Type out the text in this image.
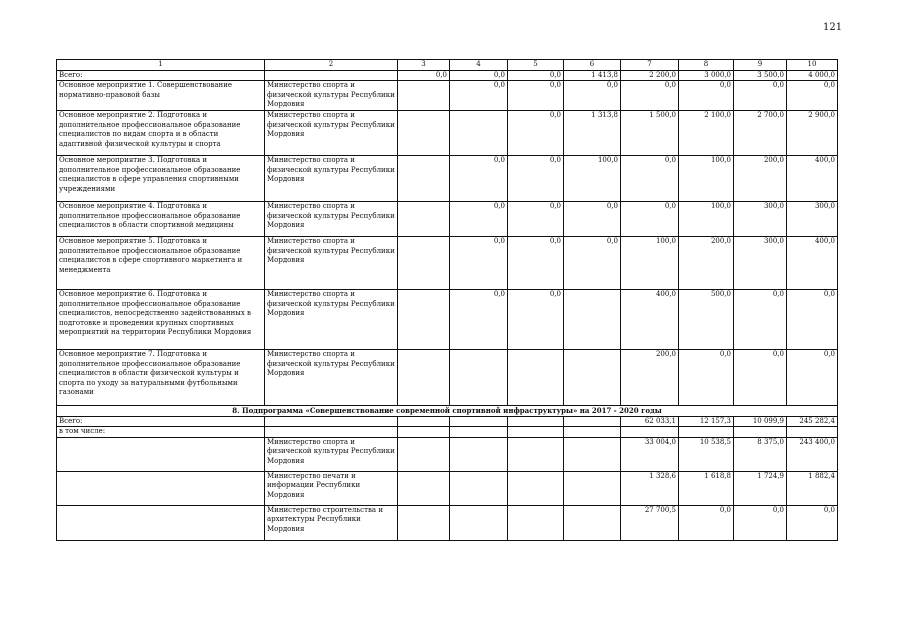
121
1	2	3	4	5	6	7	8	9	10
Всего:		0,0	0,0	0,0	1 413,8	2 200,0	3 000,0	3 500,0	4 000,0
Основное мероприятие 1. Совершенствование нормативно-правовой базы	Министерство спорта и физической культуры Республики Мордовия		0,0	0,0	0,0	0,0	0,0	0,0	0,0
Основное мероприятие 2. Подготовка и дополнительное профессиональное образование специалистов по видам спорта и в области адаптивной физической культуры и спорта	Министерство спорта и физической культуры Республики Мордовия			0,0	1 313,8	1 500,0	2 100,0	2 700,0	2 900,0
Основное мероприятие 3. Подготовка и дополнительное профессиональное образование специалистов в сфере управления спортивными учреждениями	Министерство спорта и физической культуры Республики Мордовия		0,0	0,0	100,0	0,0	100,0	200,0	400,0
Основное мероприятие 4. Подготовка и дополнительное профессиональное образование специалистов в области спортивной медицины	Министерство спорта и физической культуры Республики Мордовия		0,0	0,0	0,0	0,0	100,0	300,0	300,0
Основное мероприятие 5. Подготовка и дополнительное профессиональное образование специалистов в сфере спортивного маркетинга и менеджмента	Министерство спорта и физической культуры Республики Мордовия		0,0	0,0	0,0	100,0	200,0	300,0	400,0
Основное мероприятие 6. Подготовка и дополнительное профессиональное образование специалистов, непосредственно задействованных в подготовке и проведении крупных спортивных мероприятий на территории Республики Мордовия	Министерство спорта и физической культуры Республики Мордовия		0,0	0,0		400,0	500,0	0,0	0,0
Основное мероприятие 7. Подготовка и дополнительное профессиональное образование специалистов в области физической культуры и спорта по уходу за натуральными футбольными газонами	Министерство спорта и физической культуры Республики Мордовия					200,0	0,0	0,0	0,0
8. Подпрограмма «Совершенствование современной спортивной инфраструктуры» на 2017 - 2020 годы									
Всего:						62 033,1	12 157,3	10 099,9	245 282,4
в том числе:									
	Министерство спорта и физической культуры Республики Мордовия					33 004,0	10 538,5	8 375,0	243 400,0
	Министерство печати и информации Республики Мордовия					1 328,6	1 618,8	1 724,9	1 882,4
	Министерство строительства и архитектуры Республики Мордовия					27 700,5	0,0	0,0	0,0
